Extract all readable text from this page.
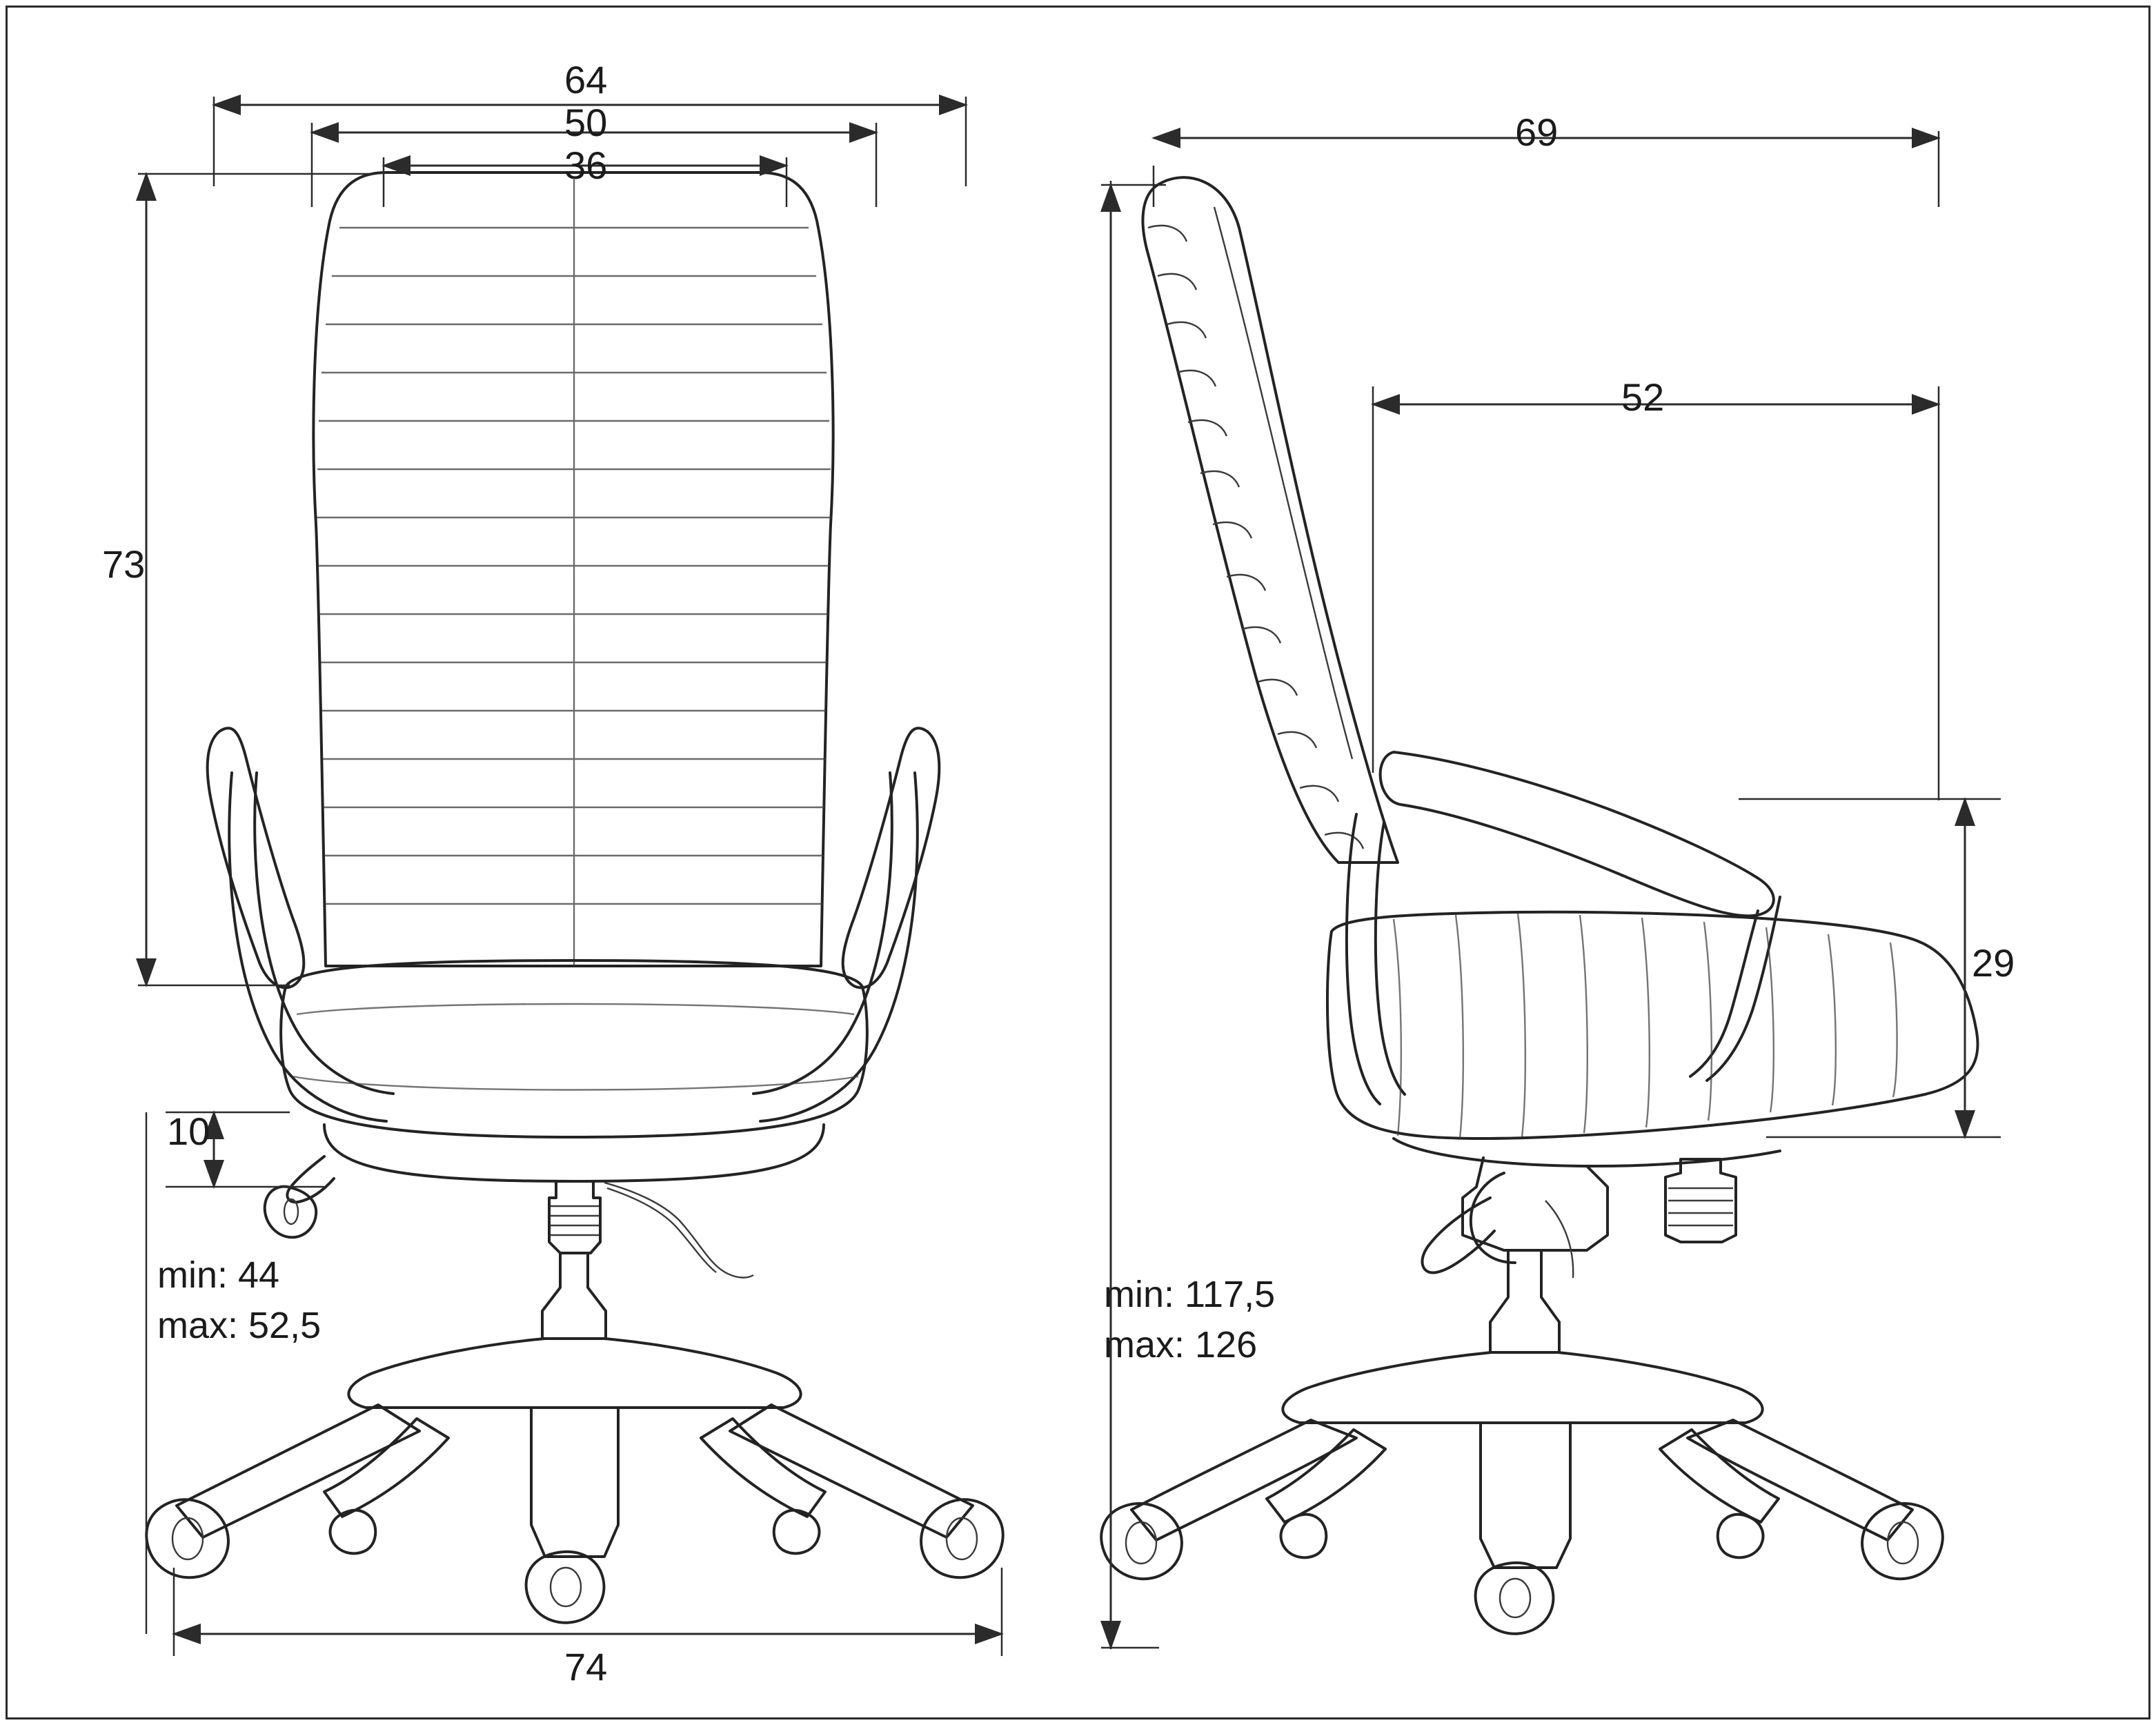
64
50
36
73
10
74
min: 44
max: 52,5
69
52
29
min: 117,5
max: 126
